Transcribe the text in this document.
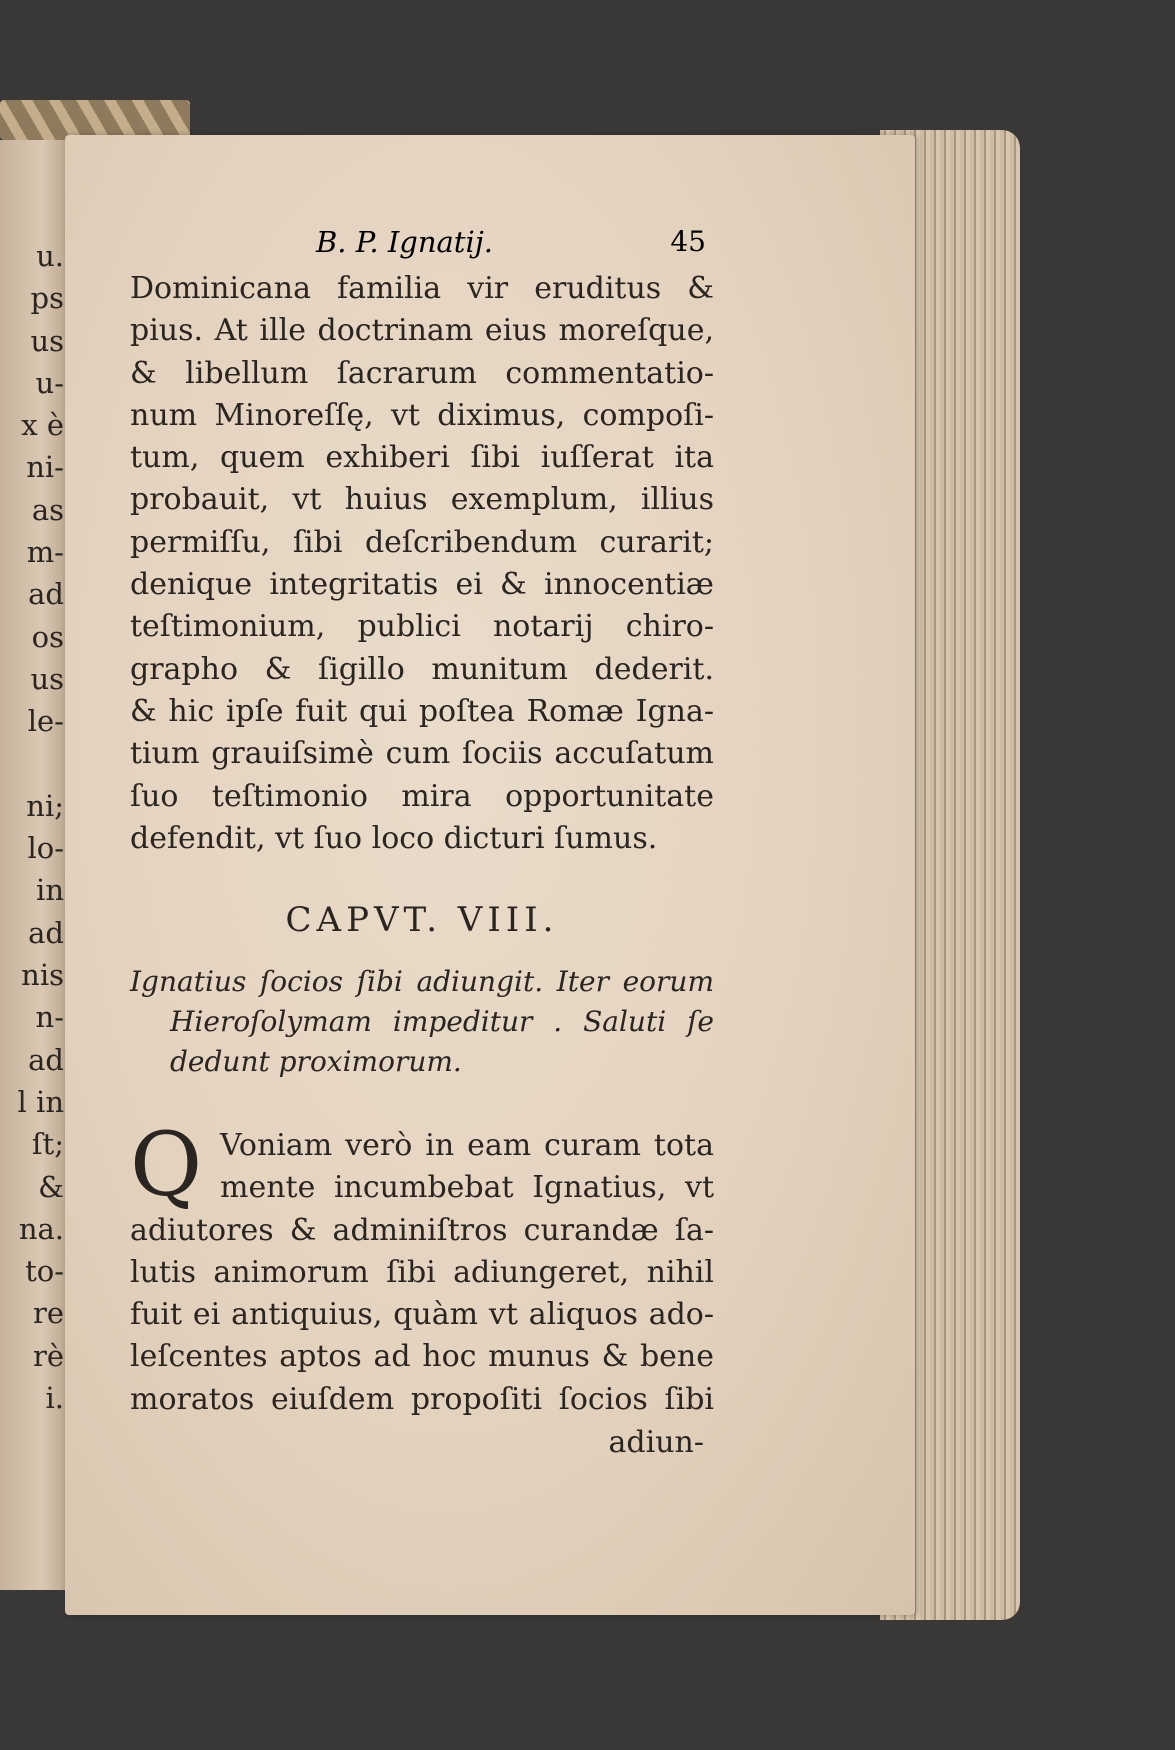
u.
ps
us
u-
x è
ni-
as
m-
ad
os
us
le-
ni;
lo-
in
ad
nis
n-
ad
l in
ſt;
&
na.
to-
re
rè
i.
B. P. Ignatij.	45
Dominicana familia vir eruditus &
pius. At ille doctrinam eius moreſque,
& libellum ſacrarum commentatio-
num Minoreſſę, vt diximus, compoſi-
tum, quem exhiberi ſibi iuſſerat ita
probauit, vt huius exemplum, illius
permiſſu, ſibi deſcribendum curarit;
denique integritatis ei & innocentiæ
teſtimonium, publici notarij chiro-
grapho & ſigillo munitum dederit.
& hic ipſe fuit qui poſtea Romæ Igna-
tium grauiſsimè cum ſociis accuſatum
ſuo teſtimonio mira opportunitate
defendit, vt ſuo loco dicturi ſumus.
CAPVT. VIII.
Ignatius ſocios ſibi adiungit. Iter eorum
Hieroſolymam impeditur . Saluti ſe
dedunt proximorum.
Q Voniam verò in eam curam tota
mente incumbebat Ignatius, vt
adiutores & adminiſtros curandæ ſa-
lutis animorum ſibi adiungeret, nihil
fuit ei antiquius, quàm vt aliquos ado-
leſcentes aptos ad hoc munus & bene
moratos eiuſdem propoſiti ſocios ſibi
adiun-
